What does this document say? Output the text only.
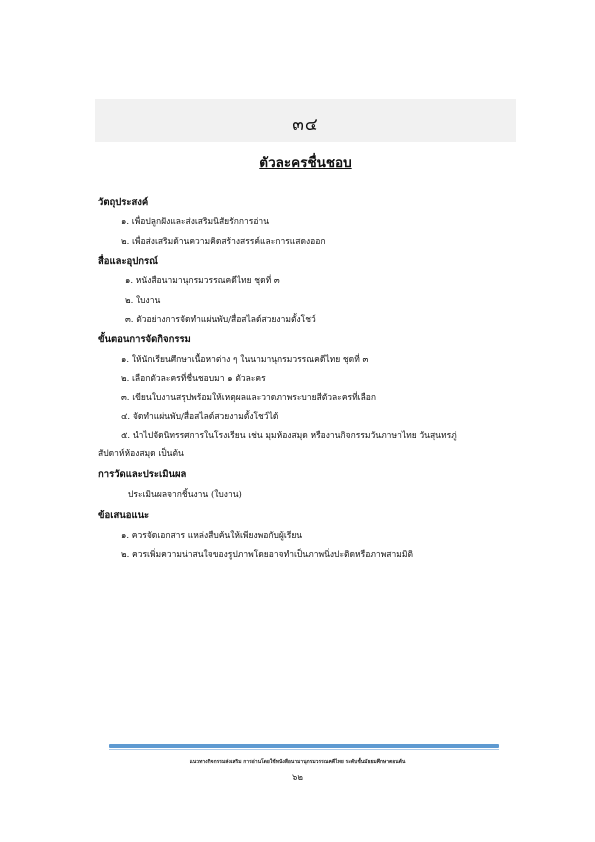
๓๔
ตัวละครชื่นชอบ
วัตถุประสงค์
๑. เพื่อปลูกฝังและส่งเสริมนิสัยรักการอ่าน
๒. เพื่อส่งเสริมด้านความคิดสร้างสรรค์และการแสดงออก
สื่อและอุปกรณ์
๑. หนังสือนามานุกรมวรรณคดีไทย ชุดที่ ๓
๒. ใบงาน
๓. ตัวอย่างการจัดทำแผ่นพับ/สื่อสไลด์สวยงามตั้งโชว์
ขั้นตอนการจัดกิจกรรม
๑. ให้นักเรียนศึกษาเนื้อหาต่าง ๆ ในนามานุกรมวรรณคดีไทย ชุดที่ ๓
๒. เลือกตัวละครที่ชื่นชอบมา ๑ ตัวละคร
๓. เขียนใบงานสรุปพร้อมให้เหตุผลและวาดภาพระบายสีตัวละครที่เลือก
๔. จัดทำแผ่นพับ/สื่อสไลด์สวยงามตั้งโชว์ได้
๕. นำไปจัดนิทรรศการในโรงเรียน เช่น มุมห้องสมุด หรืองานกิจกรรมวันภาษาไทย วันสุนทรภู่
สัปดาห์ห้องสมุด เป็นต้น
การวัดและประเมินผล
ประเมินผลจากชิ้นงาน (ใบงาน)
ข้อเสนอแนะ
๑. ควรจัดเอกสาร แหล่งสืบค้นให้เพียงพอกับผู้เรียน
๒. ควรเพิ่มความน่าสนใจของรูปภาพโดยอาจทำเป็นภาพนิ่งปะติดหรือภาพสามมิติ
แนวทางกิจกรรมส่งเสริม การอ่านโดยใช้หนังสือนามานุกรมวรรณคดีไทย ระดับชั้นมัธยมศึกษาตอนต้น
๖๒
